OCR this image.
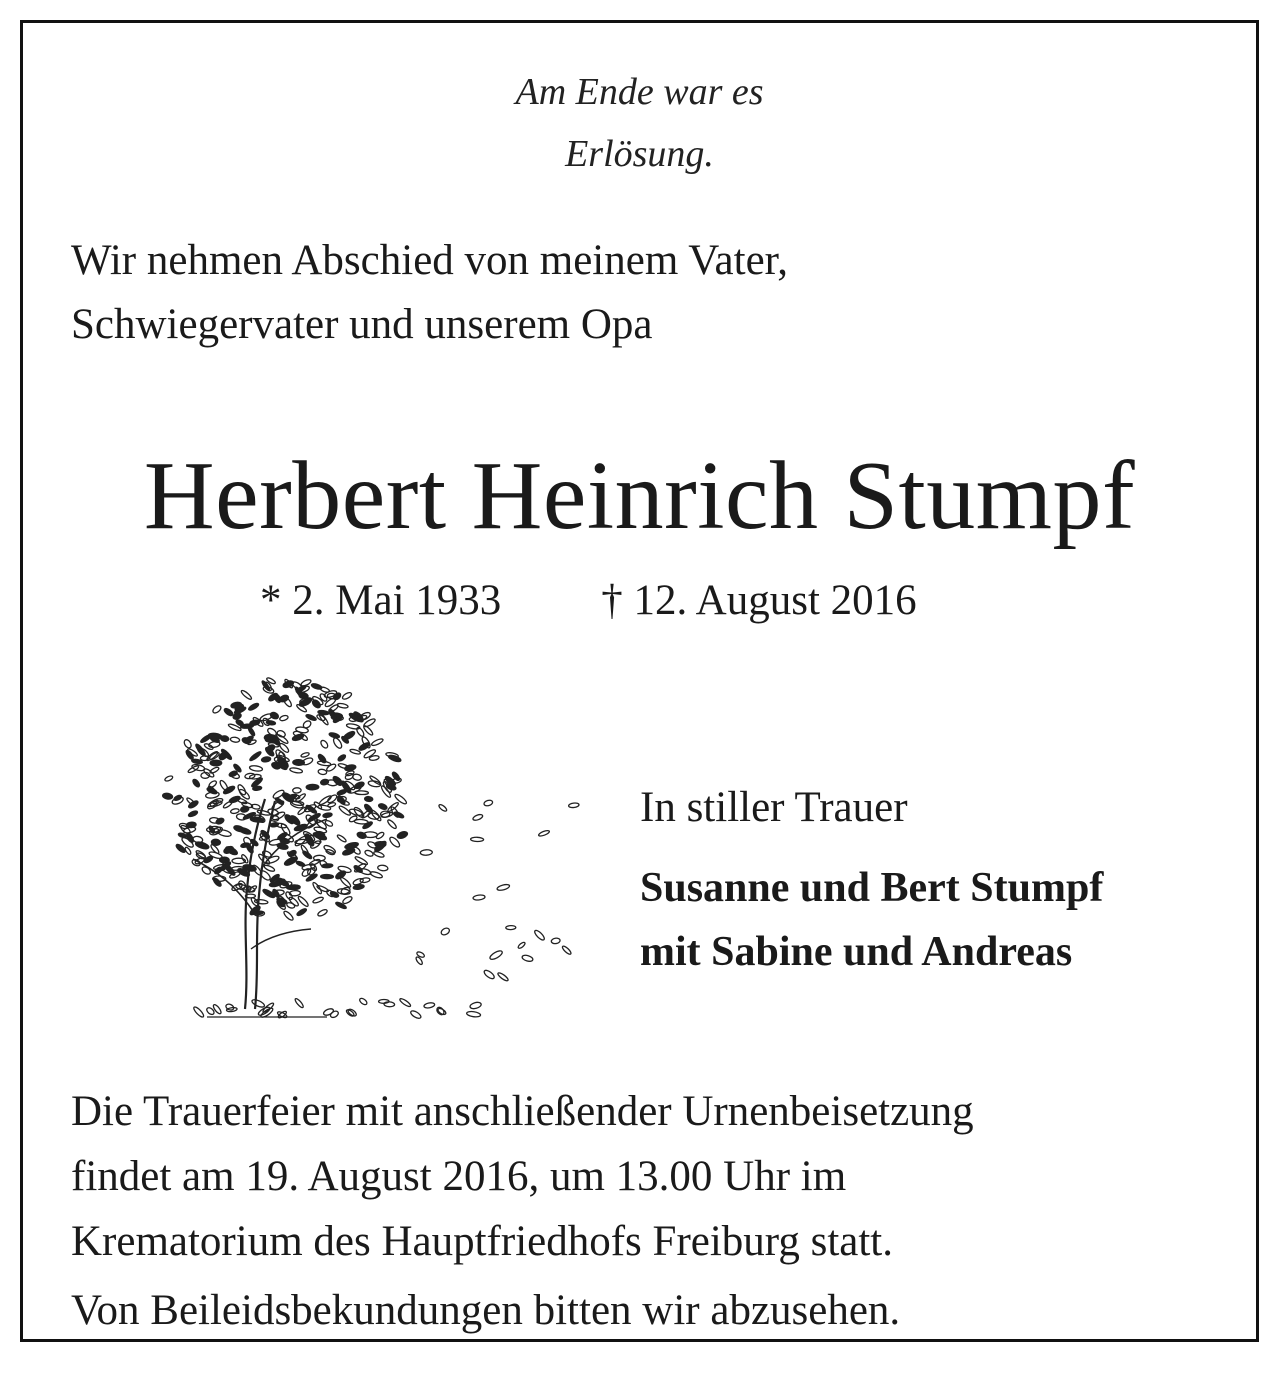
Am Ende war es
Erlösung.
Wir nehmen Abschied von meinem Vater,
Schwiegervater und unserem Opa
Herbert Heinrich Stumpf
* 2. Mai 1933 † 12. August 2016
In stiller Trauer
Susanne und Bert Stumpf
mit Sabine und Andreas
Die Trauerfeier mit anschließender Urnenbeisetzung
findet am 19. August 2016, um 13.00 Uhr im
Krematorium des Hauptfriedhofs Freiburg statt.
Von Beileidsbekundungen bitten wir abzusehen.
